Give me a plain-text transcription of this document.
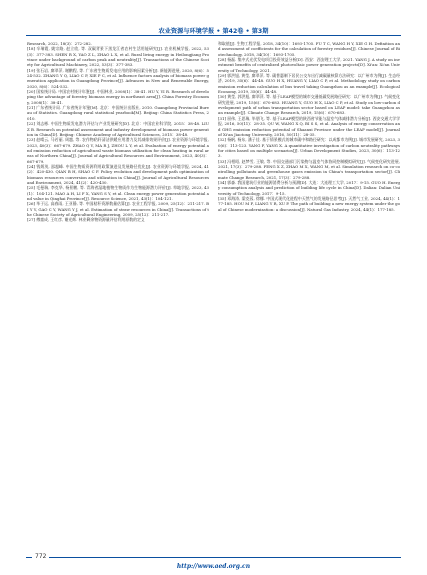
农业资源与环境学报 • 第42卷 • 第3期

Research, 2022, 18(3)：272-282.

[18] 辛瑞霞, 姚宗路, 赵立欣, 等. 双碳背景下黑龙江省农村生活用能研究[J]. 农业机械学报, 2022, 53(3)：377-383. SHEN R X, YAO Z L, ZHAO L X, et al. Rural living energy in Heilongjiang Province under background of carbon peak and neutrality[J]. Transactions of the Chinese Society for Agricultural Machinery, 2022, 53(3)：377-383.

[19] 张石岩, 廖翠萍, 谢鹏程, 等. 广东省生物质发电应用的影响因素分析[J]. 新能源进展, 2020, 8(6)：524-532. ZHANG Y Q, LIAO C P, XIE P C, et al. Influence factors analysis of biomass power generation application in Guangdong Province[J]. Advances in New and Renewable Energy, 2020, 8(6)：524-532.

[20] 国家统计局. 中国农村统计年鉴[J]. 中国林业, 2008(1)：38-41. HU Y, YI R. Research of developing the advantage of forestry biomass energy in northeast area[J]. China Forestry Economy, 2008(1)：38-41.

[21] 广东省统计局. 广东省统计年鉴[M]. 北京：中国统计出版社, 2010. Guangdong Provincial Bureau of Statistics. Guangdong rural statistical yearbook[M]. Beijing: China Statistics Press, 2010.

[22] 刘志彬. 中国生物质发电潜力评估与产业发展研究[D]. 北京：中国农业科学院, 2015：38-48. LIU Z B. Research on potential assessment and industry development of biomass power generation in China[D]. Beijing: Chinese Academy of Agricultural Sciences, 2015：38-48.

[23] 赵晴云, 马若丽, 周越, 等. 农作物秸秆清洁供暖应用潜力及其减排效果评价[J]. 农业资源与环境学报, 2023, 40(3)：667-679. ZHAO Q Y, MA R J, ZHOU L Y, et al. Evaluation of energy potential and emission reduction of agricultural waste biomass utilization for clean heating in rural areas of Northern China[J]. Journal of Agricultural Resources and Environment, 2023, 40(3)：667-679.

[24] 钱炳茂, 邵超峰. 中国生物质资源利用政策演进及发展路径优化[J]. 农业资源与环境学报, 2024, 41(2)：420-430. QIAN B H, SHAO C F. Policy evolution and development path optimization of biomass resources conversion and utilization in China[J]. Journal of Agricultural Resources and Environment, 2024, 41(2)：420-430.

[25] 毛曼瑞, 李克华, 杨景鹏, 等. 青海省湿地植物生物质作为生物能源潜力评价[J]. 草地学报, 2023, 43(1)：104-121. MAO A H, LI F X, YANG S Y, et al. Clean energy power generation potential and value in Qinghai Province[J]. Resource Science, 2021, 43(1)：104-121.

[26] 毕于运, 高春雨, 王亚静, 等. 中国秸秆资源数量估算[J]. 农业工程学报, 2009, 25(12)：211-217. BI Y Y, GAO C Y, WANG Y J, et al. Estimation of straw resources in China[J]. Transactions of the Chinese Society of Agricultural Engineering, 2009, 25(12)：211-217.

[27] 傅童成, 王红彦, 谢光辉. 林业剩余物资源量评估利用原数的定义

和取值[J]. 生物工程学报, 2018, 34(10)：1693-1705. FU T C, WANG H Y, XIE G H. Definition and assessment of coefficients for the calculation of forestry residues[J]. Chinese Journal of Biotechnology, 2018, 34(10)：1693-1705.

[28] 杨磊. 集中式光伏发电项目投资效益分析[D]. 西安：西安理工大学, 2021. YANG J. A study on investment benefits of centralized photovoltaic power generation projects[D]. Xi'an: Xi'an University of Technology, 2021.

[29] 郭洪旭, 黄莹, 廖翠萍, 等. 碳普惠制下居民公交车出行减碳量核算方法研究：以广州市为例[J]. 生态经济, 2019, 35(6)：44-48. GUO H X, HUANG Y, LIAO C P, et al. Methodology study on carbon emission reduction calculation of bus travel taking Guangzhou as an example[J]. Ecological Economy, 2019, 35(6)：44-48.

[30] 黄莹, 郭洪旭, 廖翠萍, 等. 基于LEAP模型的城市交通低碳发展路径研究：以广州市为例[J]. 气候变化研究进展, 2019, 15(6)：670-683. HUANG Y, GUO H X, LIAO C P, et al. Study on low-carbon development path of urban transportation sector based on LEAP model: take Guangzhou as an example[J]. Climate Change Research, 2019, 15(6)：670-683.

[31] 屈伟, 王思瑞, 毕朋飞, 等. 基于LEAP模型的陕西省节能与温室气体减排潜力分析[J]. 西安交通大学学报, 2016, 50(11)：28-35. QU W, WANG X Q, BI S S, et al. Analysis of energy conservation and GHG emission reduction potential of Shaanxi Province under the LEAP model[J]. Journal of Xi'an Jiaotong University, 2016, 50(11)：28-35.

[32] 杨帆, 杨东, 潘子佳. 基于情景模式的城市碳中和路径研究：以成都市为例[J]. 城市发展研究, 2023, 30(6)：113-123. YANG F, YANG X. A quantitative investigation of carbon neutrality pathways for cities based on multiple scenarios[J]. Urban Development Studies, 2023, 30(6)：113-123.

[33] 冯相昭, 赵梦雪, 王敏, 等. 中国交通部门污染物与温室气体协同控制模拟研究[J]. 气候变化研究进展, 2021, 17(3)：279-288. FENG X Z, ZHAO M X, WANG M, et al. Simulation research on co-controlling pollutants and greenhouse gases emission in China's transportation sector[J]. Climate Change Research, 2021, 17(3)：279-288.

[34] 郭森. 我国建筑行业的能源消费分析与预测[D]. 大连：大连理工大学, 2017：9-15. GUO H. Energy consumption analysis and prediction of building life cycle in China[D]. Dalian: Dalian University of Technology, 2017：9-15.

[35] 邓海涛, 梁克蓉, 徐娜. 中国式现代化进程中天然气的发展路径思考[J]. 天然气工业, 2024, 44(1)：177-185. HOU M F, LIANG Y R, XU P. The path of building a new energy system under the goal of Chinese modernization: a discussion[J]. Natural Gas Industry, 2024, 44(1)：177-185.

772
http://www.aed.org.cn
